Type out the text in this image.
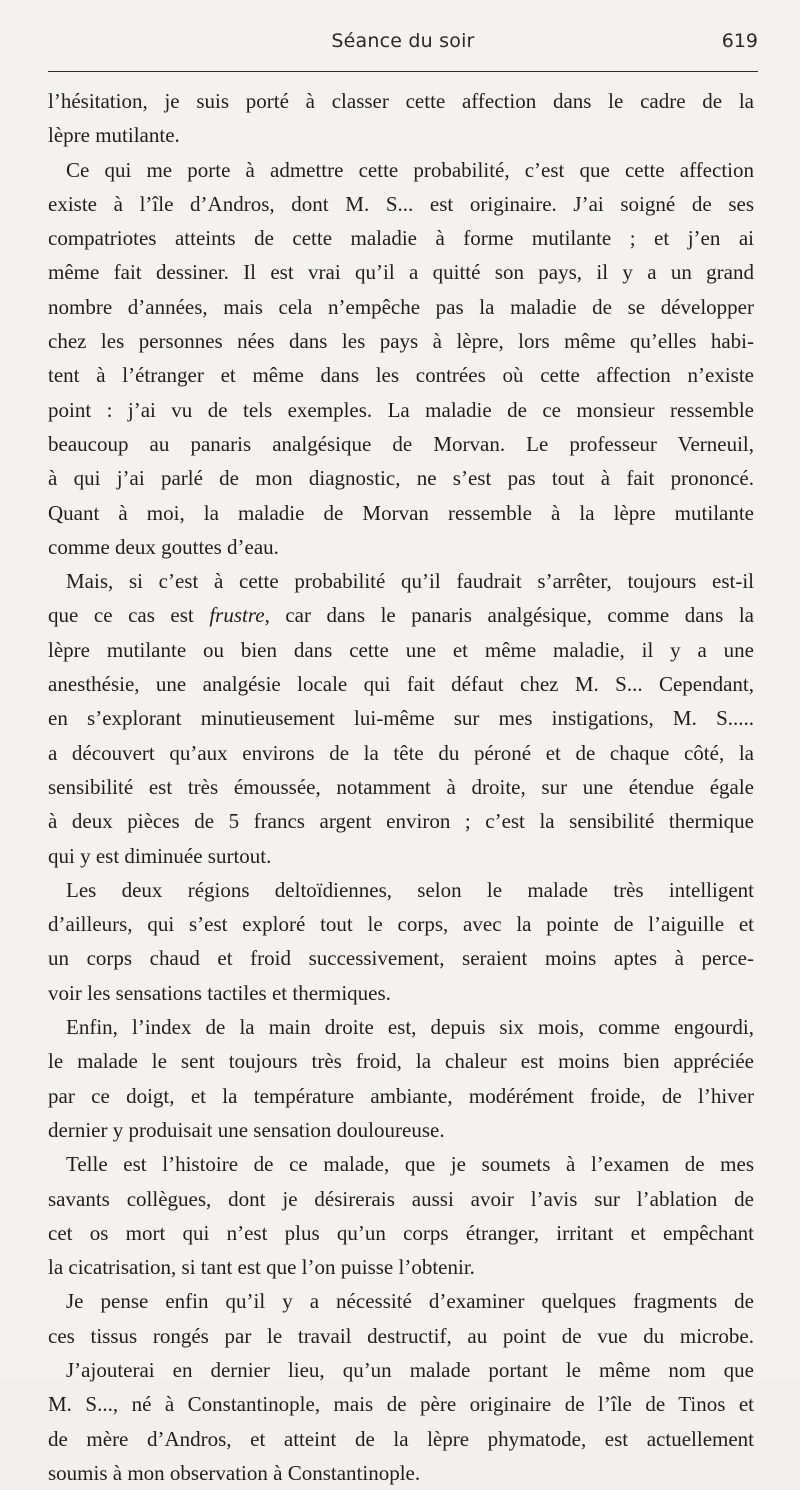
Séance du soir	619
l’hésitation, je suis porté à classer cette affection dans le cadre de la
lèpre mutilante.
Ce qui me porte à admettre cette probabilité, c’est que cette affection
existe à l’île d’Andros, dont M. S... est originaire. J’ai soigné de ses
compatriotes atteints de cette maladie à forme mutilante ; et j’en ai
même fait dessiner. Il est vrai qu’il a quitté son pays, il y a un grand
nombre d’années, mais cela n’empêche pas la maladie de se développer
chez les personnes nées dans les pays à lèpre, lors même qu’elles habi-
tent à l’étranger et même dans les contrées où cette affection n’existe
point : j’ai vu de tels exemples. La maladie de ce monsieur ressemble
beaucoup au panaris analgésique de Morvan. Le professeur Verneuil,
à qui j’ai parlé de mon diagnostic, ne s’est pas tout à fait prononcé.
Quant à moi, la maladie de Morvan ressemble à la lèpre mutilante
comme deux gouttes d’eau.
Mais, si c’est à cette probabilité qu’il faudrait s’arrêter, toujours est-il
que ce cas est frustre, car dans le panaris analgésique, comme dans la
lèpre mutilante ou bien dans cette une et même maladie, il y a une
anesthésie, une analgésie locale qui fait défaut chez M. S... Cependant,
en s’explorant minutieusement lui-même sur mes instigations, M. S.....
a découvert qu’aux environs de la tête du péroné et de chaque côté, la
sensibilité est très émoussée, notamment à droite, sur une étendue égale
à deux pièces de 5 francs argent environ ; c’est la sensibilité thermique
qui y est diminuée surtout.
Les deux régions deltoïdiennes, selon le malade très intelligent
d’ailleurs, qui s’est exploré tout le corps, avec la pointe de l’aiguille et
un corps chaud et froid successivement, seraient moins aptes à perce-
voir les sensations tactiles et thermiques.
Enfin, l’index de la main droite est, depuis six mois, comme engourdi,
le malade le sent toujours très froid, la chaleur est moins bien appréciée
par ce doigt, et la température ambiante, modérément froide, de l’hiver
dernier y produisait une sensation douloureuse.
Telle est l’histoire de ce malade, que je soumets à l’examen de mes
savants collègues, dont je désirerais aussi avoir l’avis sur l’ablation de
cet os mort qui n’est plus qu’un corps étranger, irritant et empêchant
la cicatrisation, si tant est que l’on puisse l’obtenir.
Je pense enfin qu’il y a nécessité d’examiner quelques fragments de
ces tissus rongés par le travail destructif, au point de vue du microbe.
J’ajouterai en dernier lieu, qu’un malade portant le même nom que
M. S..., né à Constantinople, mais de père originaire de l’île de Tinos et
de mère d’Andros, et atteint de la lèpre phymatode, est actuellement
soumis à mon observation à Constantinople.
